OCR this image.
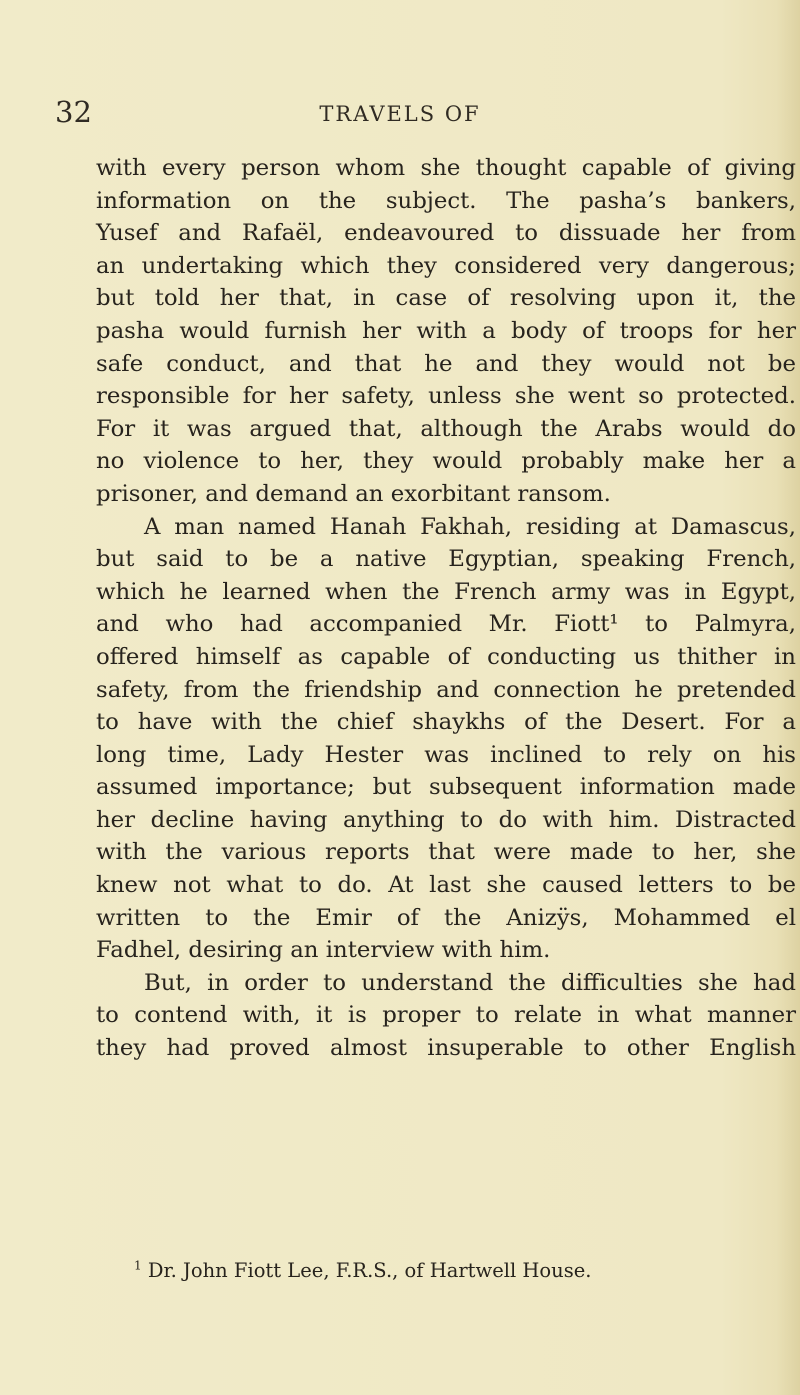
32	TRAVELS OF
with every person whom she thought capable of giving
information on the subject. The pasha’s bankers,
Yusef and Rafaël, endeavoured to dissuade her from
an undertaking which they considered very dangerous;
but told her that, in case of resolving upon it, the
pasha would furnish her with a body of troops for her
safe conduct, and that he and they would not be
responsible for her safety, unless she went so protected.
For it was argued that, although the Arabs would do
no violence to her, they would probably make her a
prisoner, and demand an exorbitant ransom.
A man named Hanah Fakhah, residing at Damascus,
but said to be a native Egyptian, speaking French,
which he learned when the French army was in Egypt,
and who had accompanied Mr. Fiott¹ to Palmyra,
offered himself as capable of conducting us thither in
safety, from the friendship and connection he pretended
to have with the chief shaykhs of the Desert. For a
long time, Lady Hester was inclined to rely on his
assumed importance; but subsequent information made
her decline having anything to do with him. Distracted
with the various reports that were made to her, she
knew not what to do. At last she caused letters to be
written to the Emir of the Anizÿs, Mohammed el
Fadhel, desiring an interview with him.
But, in order to understand the difficulties she had
to contend with, it is proper to relate in what manner
they had proved almost insuperable to other English
$^1$ Dr. John Fiott Lee, F.R.S., of Hartwell House.
